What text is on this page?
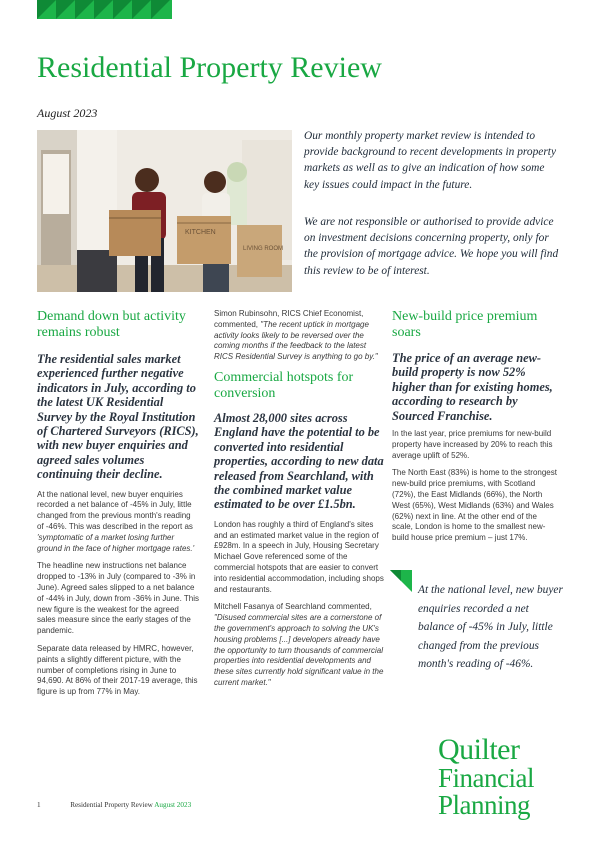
Residential Property Review
August 2023
KITCHEN
LIVING ROOM
Our monthly property market review is intended to provide background to recent developments in property markets as well as to give an indication of how some key issues could impact in the future.
We are not responsible or authorised to provide advice on investment decisions concerning property, only for the provision of mortgage advice. We hope you will find this review to be of interest.
Demand down but activity remains robust

The residential sales market experienced further negative indicators in July, according to the latest UK Residential Survey by the Royal Institution of Chartered Surveyors (RICS), with new buyer enquiries and agreed sales volumes continuing their decline.

At the national level, new buyer enquiries recorded a net balance of -45% in July, little changed from the previous month's reading of -46%. This was described in the report as 'symptomatic of a market losing further ground in the face of higher mortgage rates.'

The headline new instructions net balance dropped to -13% in July (compared to -3% in June). Agreed sales slipped to a net balance of -44% in July, down from -36% in June. This new figure is the weakest for the agreed sales measure since the early stages of the pandemic.

Separate data released by HMRC, however, paints a slightly different picture, with the number of completions rising in June to 94,690. At 86% of their 2017-19 average, this figure is up from 77% in May.

Simon Rubinsohn, RICS Chief Economist, commented, "The recent uptick in mortgage activity looks likely to be reversed over the coming months if the feedback to the latest RICS Residential Survey is anything to go by."

Commercial hotspots for conversion

Almost 28,000 sites across England have the potential to be converted into residential properties, according to new data released from Searchland, with the combined market value estimated to be over £1.5bn.

London has roughly a third of England's sites and an estimated market value in the region of £928m. In a speech in July, Housing Secretary Michael Gove referenced some of the commercial hotspots that are easier to convert into residential accommodation, including shops and restaurants.

Mitchell Fasanya of Searchland commented, "Disused commercial sites are a cornerstone of the government's approach to solving the UK's housing problems [...] developers already have the opportunity to turn thousands of commercial properties into residential developments and these sites currently hold significant value in the current market."

New-build price premium soars

The price of an average new-build property is now 52% higher than for existing homes, according to research by Sourced Franchise.

In the last year, price premiums for new-build property have increased by 20% to reach this average uplift of 52%.

The North East (83%) is home to the strongest new-build price premiums, with Scotland (72%), the East Midlands (66%), the North West (65%), West Midlands (63%) and Wales (62%) next in line. At the other end of the scale, London is home to the smallest new-build house price premium – just 17%.

At the national level, new buyer enquiries recorded a net balance of -45% in July, little changed from the previous month's reading of -46%.
Quilter
Financial
Planning
1	Residential Property Review August 2023
